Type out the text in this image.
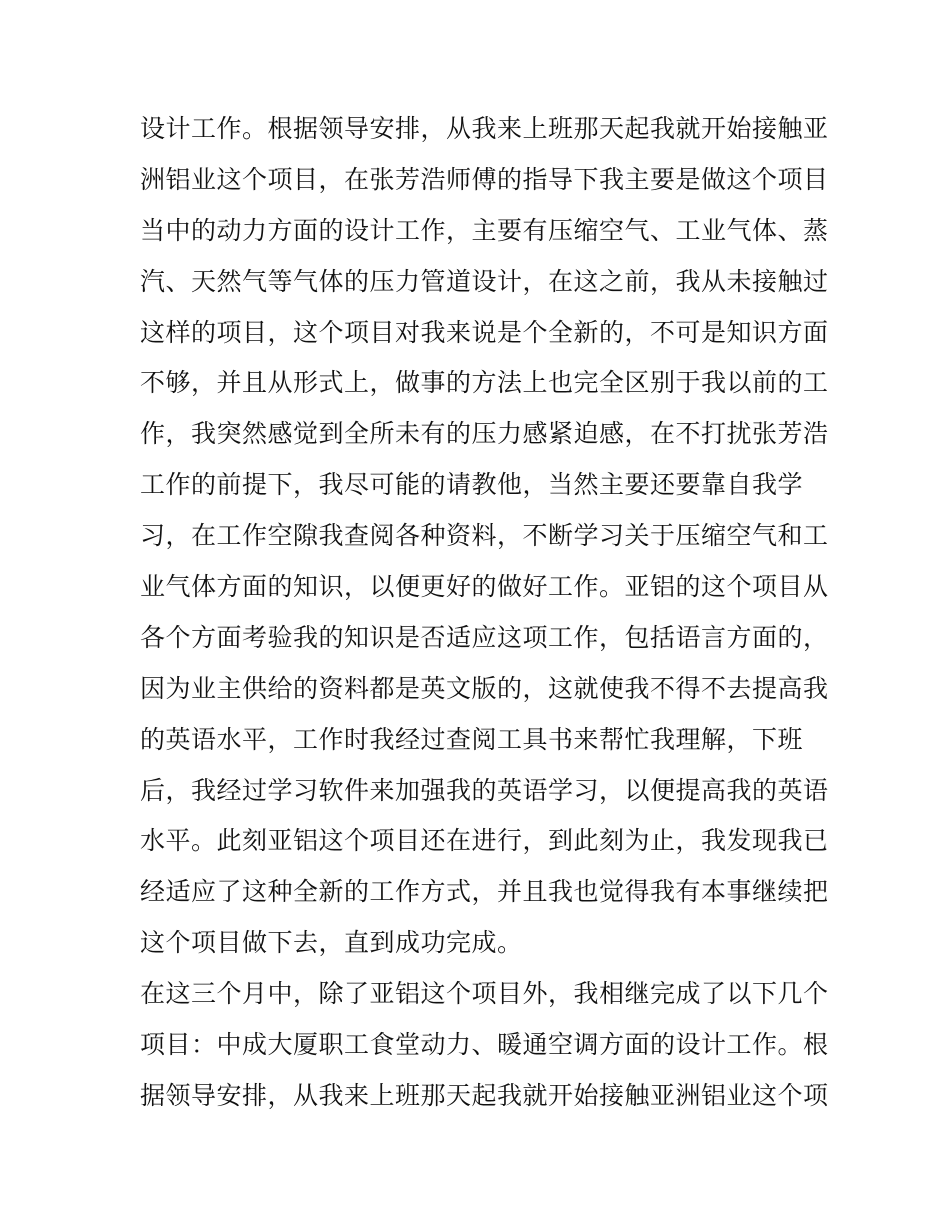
设计工作。根据领导安排，从我来上班那天起我就开始接触亚
洲铝业这个项目，在张芳浩师傅的指导下我主要是做这个项目
当中的动力方面的设计工作，主要有压缩空气、工业气体、蒸
汽、天然气等气体的压力管道设计，在这之前，我从未接触过
这样的项目，这个项目对我来说是个全新的，不可是知识方面
不够，并且从形式上，做事的方法上也完全区别于我以前的工
作，我突然感觉到全所未有的压力感紧迫感，在不打扰张芳浩
工作的前提下，我尽可能的请教他，当然主要还要靠自我学
习，在工作空隙我查阅各种资料，不断学习关于压缩空气和工
业气体方面的知识，以便更好的做好工作。亚铝的这个项目从
各个方面考验我的知识是否适应这项工作，包括语言方面的，
因为业主供给的资料都是英文版的，这就使我不得不去提高我
的英语水平，工作时我经过查阅工具书来帮忙我理解，下班
后，我经过学习软件来加强我的英语学习，以便提高我的英语
水平。此刻亚铝这个项目还在进行，到此刻为止，我发现我已
经适应了这种全新的工作方式，并且我也觉得我有本事继续把
这个项目做下去，直到成功完成。
在这三个月中，除了亚铝这个项目外，我相继完成了以下几个
项目：中成大厦职工食堂动力、暖通空调方面的设计工作。根
据领导安排，从我来上班那天起我就开始接触亚洲铝业这个项
